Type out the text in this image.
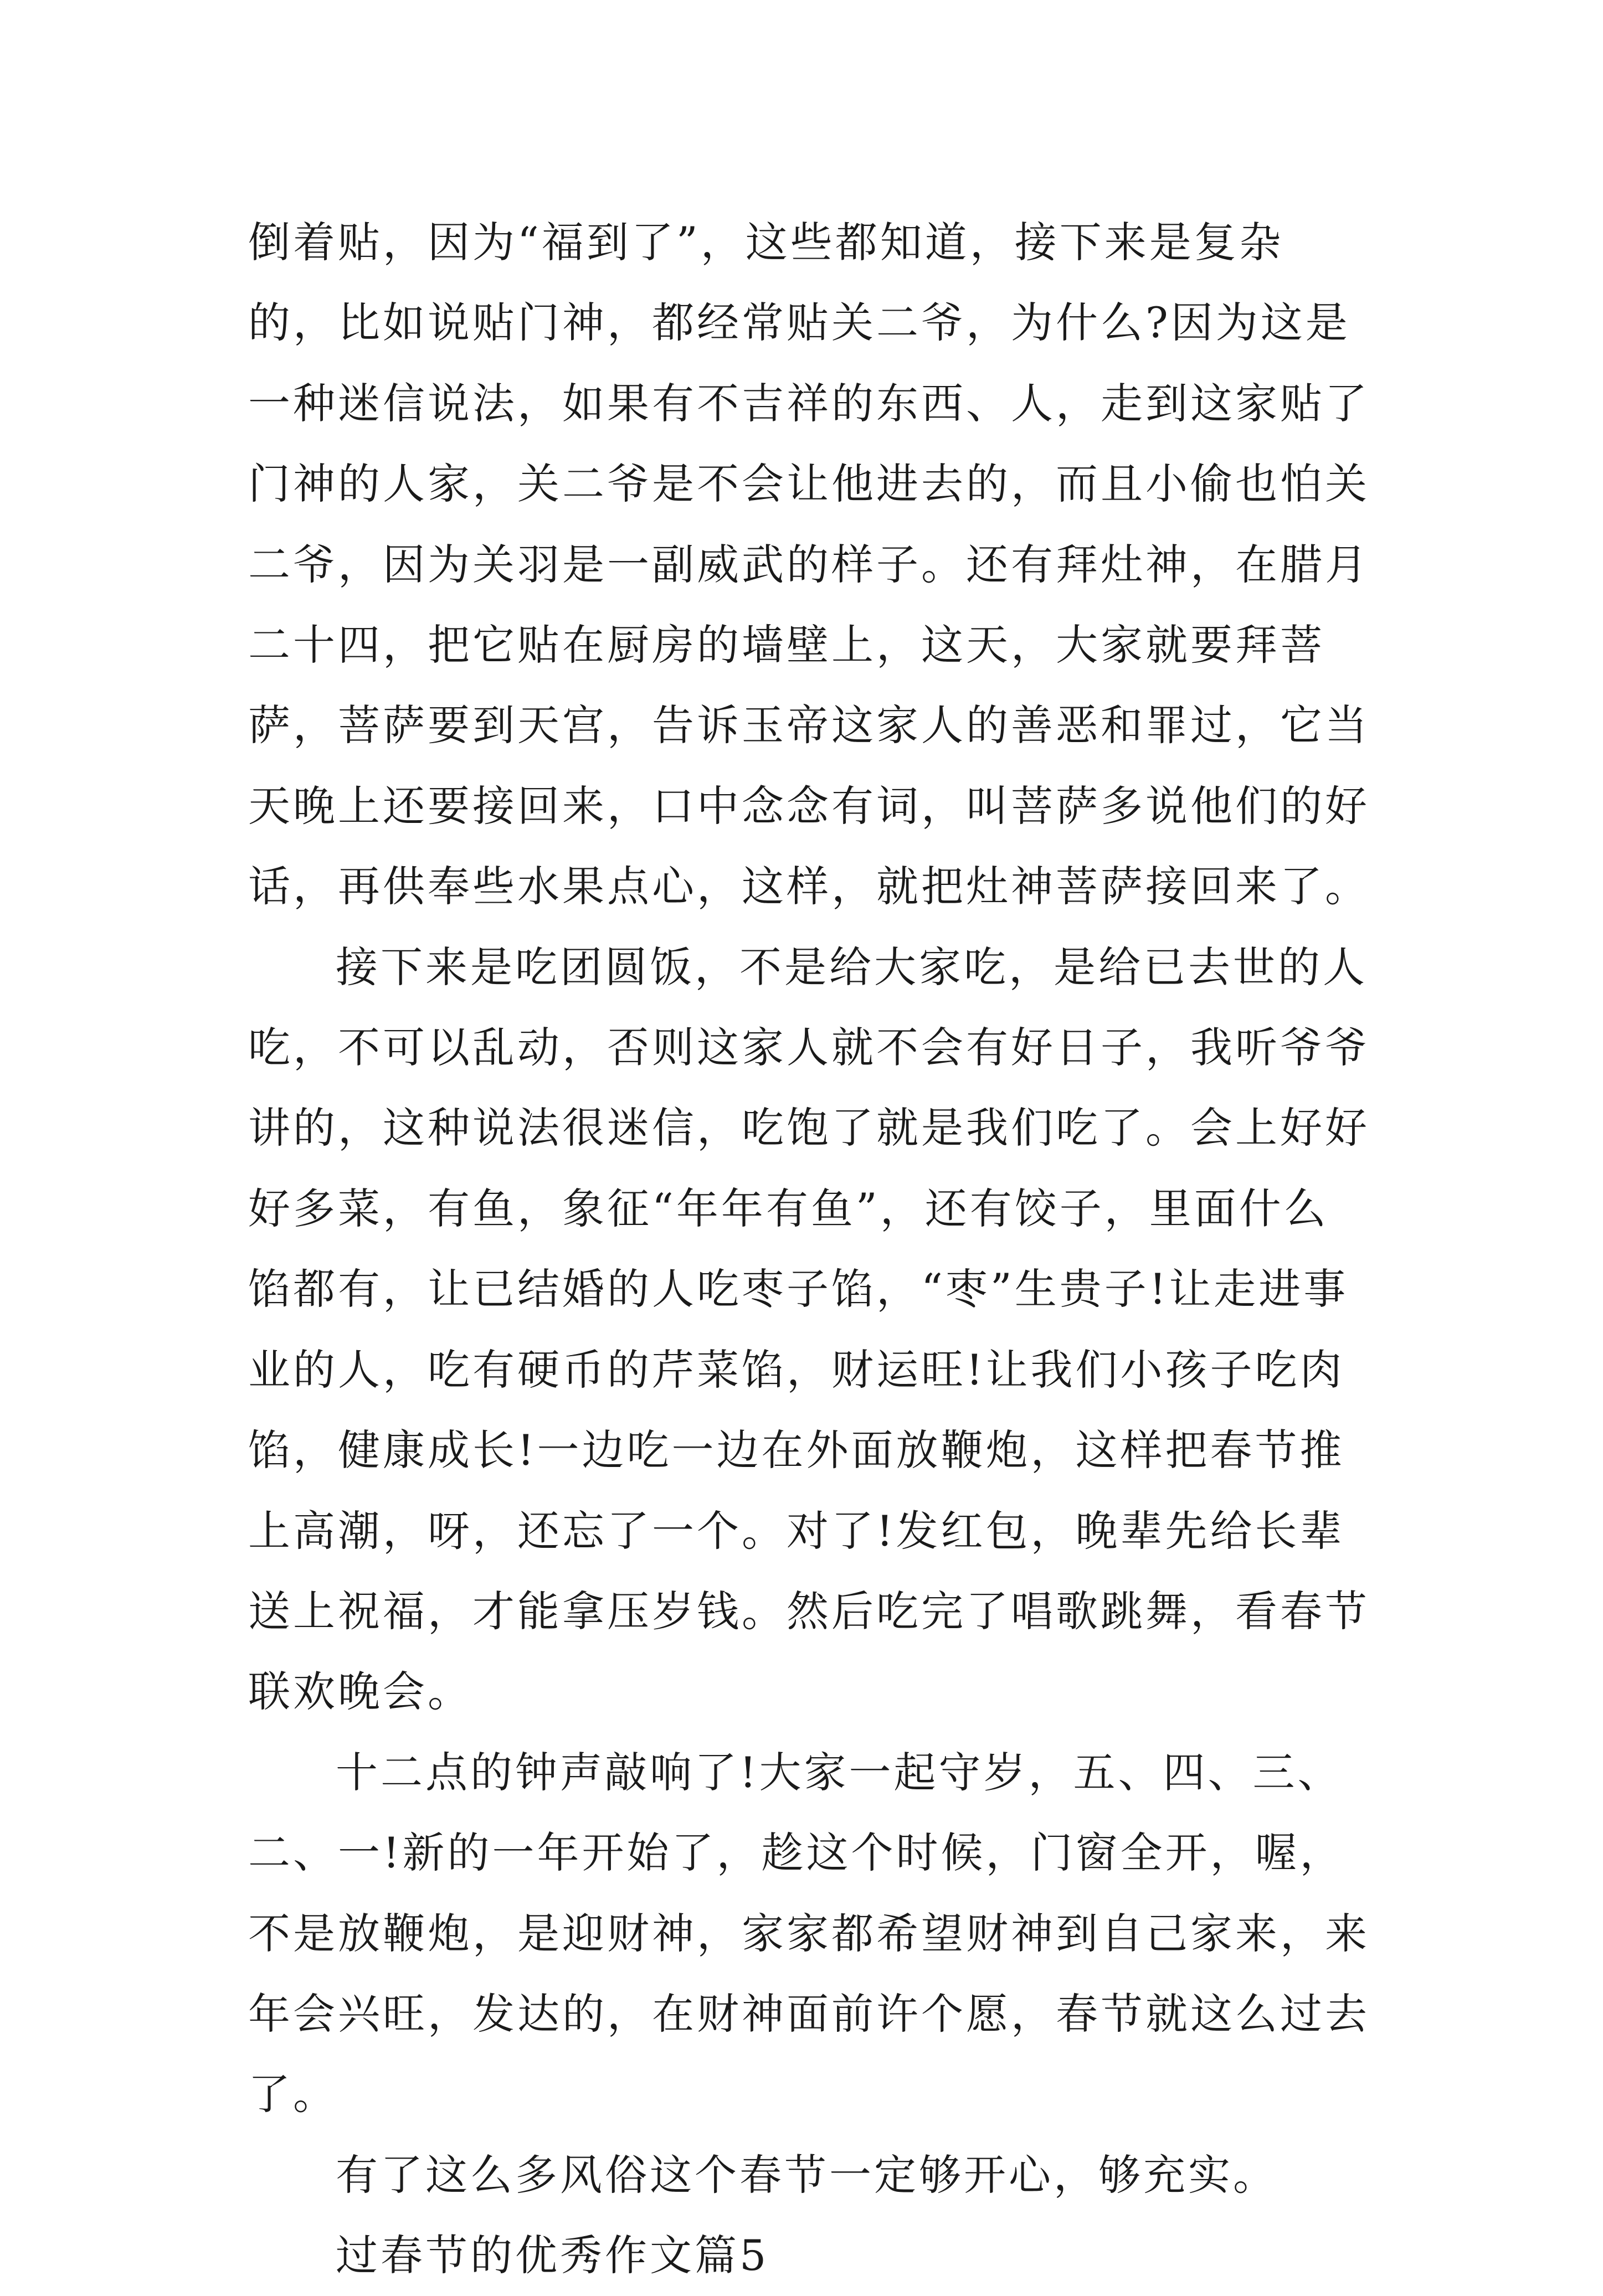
倒着贴，因为“福到了”，这些都知道，接下来是复杂的，比如说贴门神，都经常贴关二爷，为什么?因为这是一种迷信说法，如果有不吉祥的东西、人，走到这家贴了门神的人家，关二爷是不会让他进去的，而且小偷也怕关二爷，因为关羽是一副威武的样子。还有拜灶神，在腊月二十四，把它贴在厨房的墙壁上，这天，大家就要拜菩萨，菩萨要到天宫，告诉玉帝这家人的善恶和罪过，它当天晚上还要接回来，口中念念有词，叫菩萨多说他们的好话，再供奉些水果点心，这样，就把灶神菩萨接回来了。

接下来是吃团圆饭，不是给大家吃，是给已去世的人吃，不可以乱动，否则这家人就不会有好日子，我听爷爷讲的，这种说法很迷信，吃饱了就是我们吃了。会上好好好多菜，有鱼，象征“年年有鱼”，还有饺子，里面什么馅都有，让已结婚的人吃枣子馅，“枣”生贵子!让走进事业的人，吃有硬币的芹菜馅，财运旺!让我们小孩子吃肉馅，健康成长!一边吃一边在外面放鞭炮，这样把春节推上高潮，呀，还忘了一个。对了!发红包，晚辈先给长辈送上祝福，才能拿压岁钱。然后吃完了唱歌跳舞，看春节联欢晚会。

十二点的钟声敲响了!大家一起守岁，五、四、三、二、一!新的一年开始了，趁这个时候，门窗全开，喔，不是放鞭炮，是迎财神，家家都希望财神到自己家来，来年会兴旺，发达的，在财神面前许个愿，春节就这么过去了。

有了这么多风俗这个春节一定够开心，够充实。

过春节的优秀作文篇5
